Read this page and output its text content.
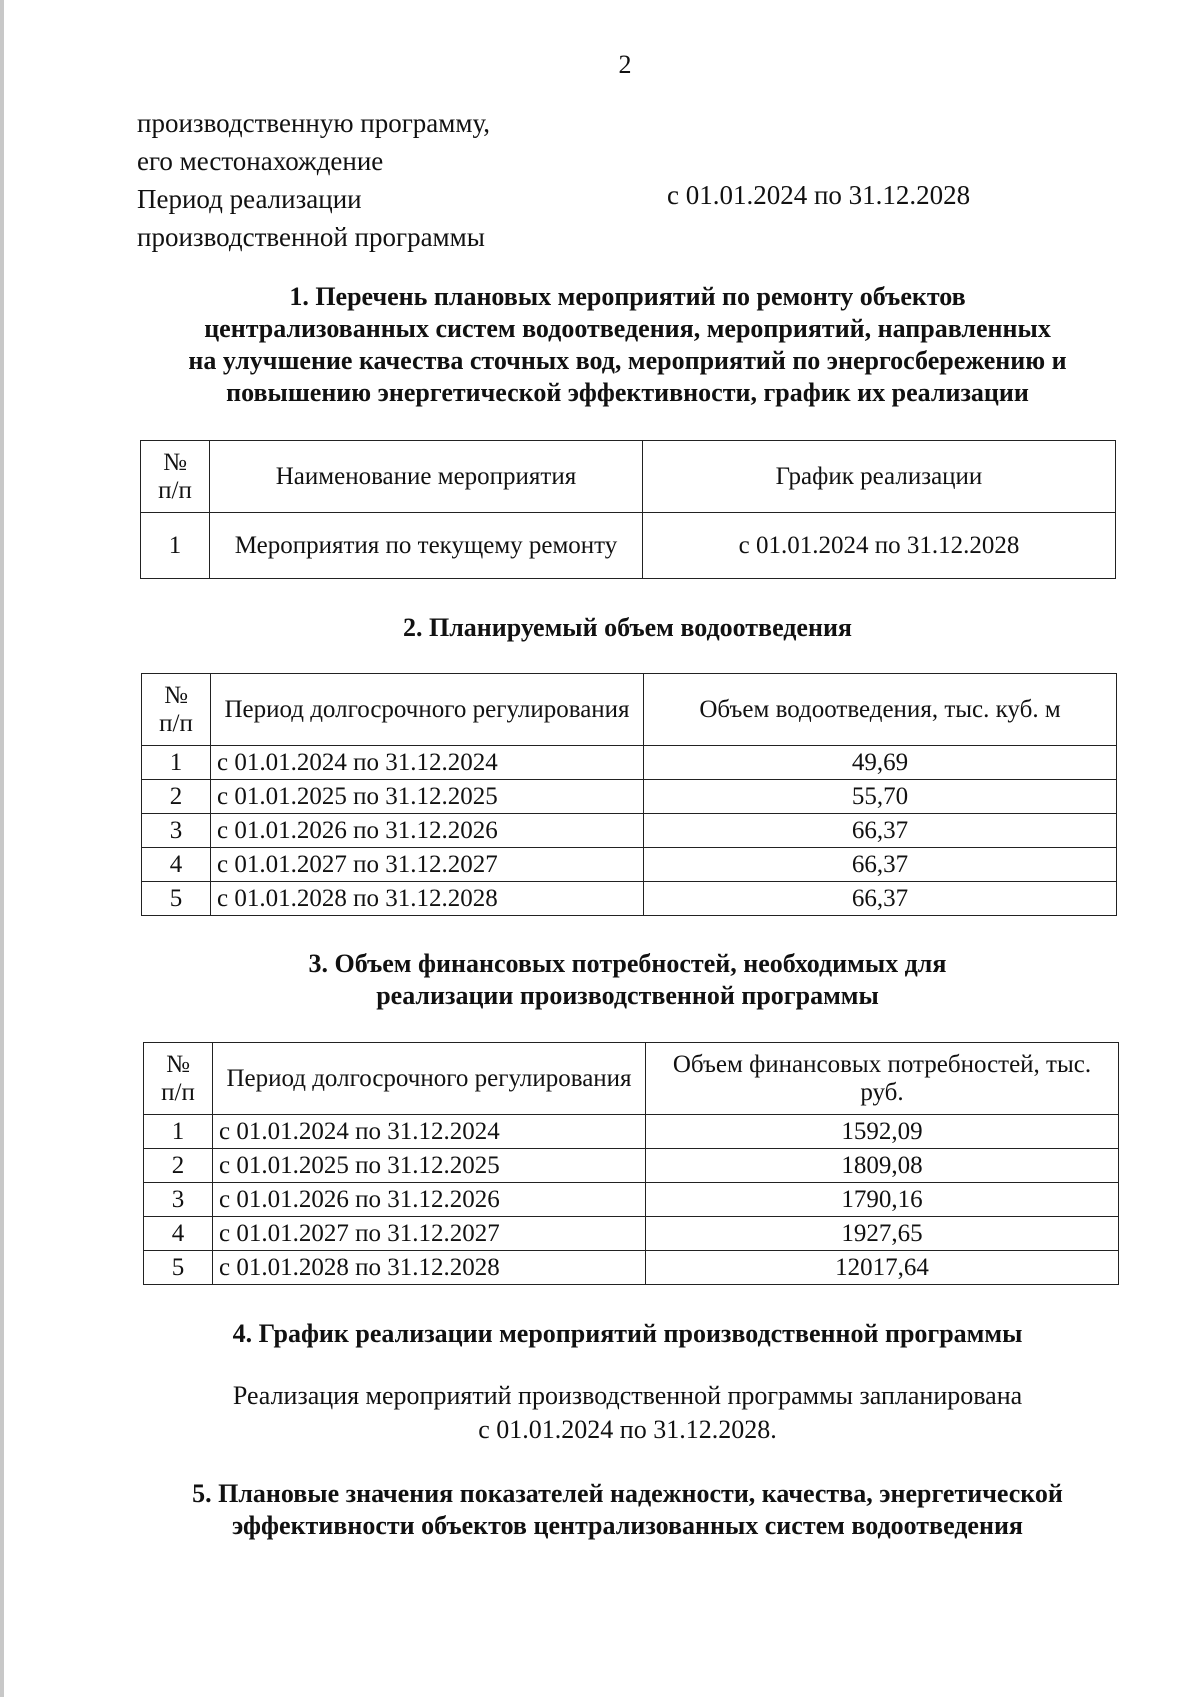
2
производственную программу,
его местонахождение
Период реализации	с 01.01.2024 по 31.12.2028
производственной программы
1. Перечень плановых мероприятий по ремонту объектов
централизованных систем водоотведения, мероприятий, направленных
на улучшение качества сточных вод, мероприятий по энергосбережению и
повышению энергетической эффективности, график их реализации
№
п/п	Наименование мероприятия	График реализации
1	Мероприятия по текущему ремонту	с 01.01.2024 по 31.12.2028
2. Планируемый объем водоотведения
№
п/п	Период долгосрочного регулирования	Объем водоотведения, тыс. куб. м
1	с 01.01.2024 по 31.12.2024	49,69
2	с 01.01.2025 по 31.12.2025	55,70
3	с 01.01.2026 по 31.12.2026	66,37
4	с 01.01.2027 по 31.12.2027	66,37
5	с 01.01.2028 по 31.12.2028	66,37
3. Объем финансовых потребностей, необходимых для
реализации производственной программы
№
п/п	Период долгосрочного регулирования	Объем финансовых потребностей, тыс. руб.
1	с 01.01.2024 по 31.12.2024	1592,09
2	с 01.01.2025 по 31.12.2025	1809,08
3	с 01.01.2026 по 31.12.2026	1790,16
4	с 01.01.2027 по 31.12.2027	1927,65
5	с 01.01.2028 по 31.12.2028	12017,64
4. График реализации мероприятий производственной программы
Реализация мероприятий производственной программы запланирована
с 01.01.2024 по 31.12.2028.
5. Плановые значения показателей надежности, качества, энергетической
эффективности объектов централизованных систем водоотведения
